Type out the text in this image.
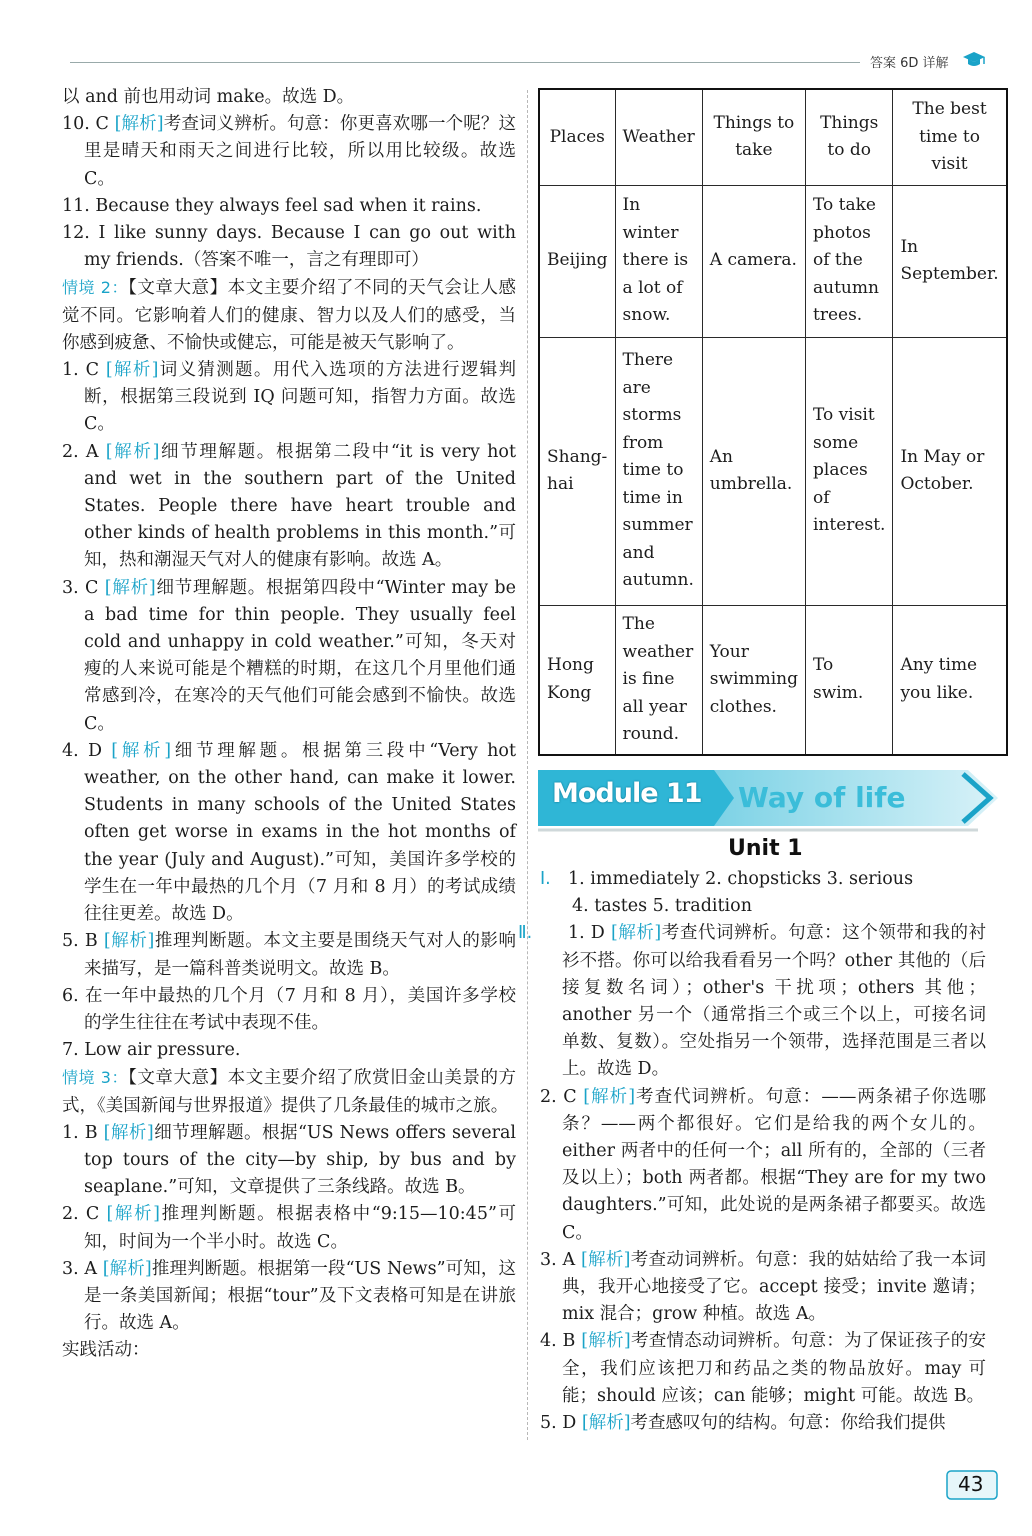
答案 6D 详解

以 and 前也用动词 make。故选 D。

10. C [解析]考查词义辨析。句意：你更喜欢哪一个呢？这里是晴天和雨天之间进行比较，所以用比较级。故选 C。

11. Because they always feel sad when it rains.

12. I like sunny days. Because I can go out with my friends.（答案不唯一，言之有理即可）

情境 2：【文章大意】本文主要介绍了不同的天气会让人感觉不同。它影响着人们的健康、智力以及人们的感受，当你感到疲惫、不愉快或健忘，可能是被天气影响了。

1. C [解析]词义猜测题。用代入选项的方法进行逻辑判断，根据第三段说到 IQ 问题可知，指智力方面。故选 C。

2. A [解析]细节理解题。根据第二段中“it is very hot and wet in the southern part of the United States. People there have heart trouble and other kinds of health problems in this month.”可知，热和潮湿天气对人的健康有影响。故选 A。

3. C [解析]细节理解题。根据第四段中“Winter may be a bad time for thin people. They usually feel cold and unhappy in cold weather.”可知，冬天对瘦的人来说可能是个糟糕的时期，在这几个月里他们通常感到冷，在寒冷的天气他们可能会感到不愉快。故选 C。

4. D [解析]细节理解题。根据第三段中“Very hot weather, on the other hand, can make it lower. Students in many schools of the United States often get worse in exams in the hot months of the year (July and August).”可知，美国许多学校的学生在一年中最热的几个月（7 月和 8 月）的考试成绩往往更差。故选 D。

5. B [解析]推理判断题。本文主要是围绕天气对人的影响来描写，是一篇科普类说明文。故选 B。

6. 在一年中最热的几个月（7 月和 8 月），美国许多学校的学生往往在考试中表现不佳。

7. Low air pressure.

情境 3：【文章大意】本文主要介绍了欣赏旧金山美景的方式，《美国新闻与世界报道》提供了几条最佳的城市之旅。

1. B [解析]细节理解题。根据“US News offers several top tours of the city—by ship, by bus and by seaplane.”可知，文章提供了三条线路。故选 B。

2. C [解析]推理判断题。根据表格中“9:15—10:45”可知，时间为一个半小时。故选 C。

3. A [解析]推理判断题。根据第一段“US News”可知，这是一条美国新闻；根据“tour”及下文表格可知是在讲旅行。故选 A。

实践活动：

Places	Weather	Things to take	Things to do	The best time to visit
Beijing	In winter there is a lot of snow.	A camera.	To take photos of the autumn trees.	In September.
Shang-hai	There are storms from time to time in summer and autumn.	An umbrella.	To visit some places of interest.	In May or October.
Hong Kong	The weather is fine all year round.	Your swimming clothes.	To swim.	Any time you like.
Module 11 Way of life
Unit 1

Ⅰ. 1. immediately 2. chopsticks 3. serious

4. tastes 5. tradition

Ⅱ. 1. D [解析]考查代词辨析。句意：这个领带和我的衬衫不搭。你可以给我看看另一个吗？other 其他的（后接复数名词）；other's 干扰项；others 其他；another 另一个（通常指三个或三个以上，可接名词单数、复数）。空处指另一个领带，选择范围是三者以上。故选 D。

2. C [解析]考查代词辨析。句意：——两条裙子你选哪条？——两个都很好。它们是给我的两个女儿的。either 两者中的任何一个；all 所有的，全部的（三者及以上）；both 两者都。根据“They are for my two daughters.”可知，此处说的是两条裙子都要买。故选 C。

3. A [解析]考查动词辨析。句意：我的姑姑给了我一本词典，我开心地接受了它。accept 接受；invite 邀请；mix 混合；grow 种植。故选 A。

4. B [解析]考查情态动词辨析。句意：为了保证孩子的安全，我们应该把刀和药品之类的物品放好。may 可能；should 应该；can 能够；might 可能。故选 B。

5. D [解析]考查感叹句的结构。句意：你给我们提供

43
